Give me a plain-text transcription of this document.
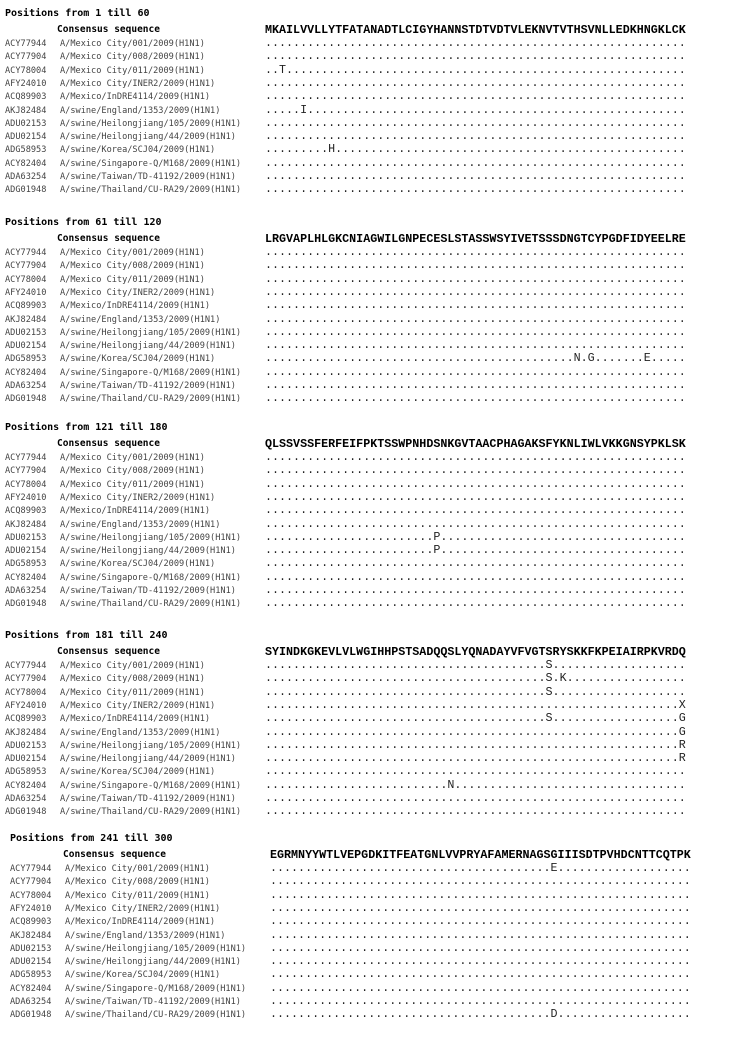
Positions from 1 till 60
Consensus sequence	MKAILVVLLYTFATANADTLCIGYHANNSTDTVDTVLEKNVTVTHSVNLLEDKHNGKLCK
ACY77944 A/Mexico City/001/2009(H1N1)	............................................................
ACY77904 A/Mexico City/008/2009(H1N1)	............................................................
ACY78004 A/Mexico City/011/2009(H1N1)	..T.........................................................
AFY24010 A/Mexico City/INER2/2009(H1N1)	............................................................
ACQ89903 A/Mexico/InDRE4114/2009(H1N1)	............................................................
AKJ82484 A/swine/England/1353/2009(H1N1)	.....I......................................................
ADU02153 A/swine/Heilongjiang/105/2009(H1N1) ............................................................
ADU02154 A/swine/Heilongjiang/44/2009(H1N1) ............................................................
ADG58953 A/swine/Korea/SCJ04/2009(H1N1)	.........H..................................................
ACY82404 A/swine/Singapore-Q/M168/2009(H1N1) ............................................................
ADA63254 A/swine/Taiwan/TD-41192/2009(H1N1) ............................................................
ADG01948 A/swine/Thailand/CU-RA29/2009(H1N1) ............................................................
Positions from 61 till 120
Consensus sequence	LRGVAPLHLGKCNIAGWILGNPECESLSTASSWSYIVETSSSDNGTCYPGDFIDYEELRE
ACY77944 A/Mexico City/001/2009(H1N1)	............................................................
ACY77904 A/Mexico City/008/2009(H1N1)	............................................................
ACY78004 A/Mexico City/011/2009(H1N1)	............................................................
AFY24010 A/Mexico City/INER2/2009(H1N1)	............................................................
ACQ89903 A/Mexico/InDRE4114/2009(H1N1)	............................................................
AKJ82484 A/swine/England/1353/2009(H1N1)	............................................................
ADU02153 A/swine/Heilongjiang/105/2009(H1N1) ............................................................
ADU02154 A/swine/Heilongjiang/44/2009(H1N1) ............................................................
ADG58953 A/swine/Korea/SCJ04/2009(H1N1)	............................................N.G.......E.....
ACY82404 A/swine/Singapore-Q/M168/2009(H1N1) ............................................................
ADA63254 A/swine/Taiwan/TD-41192/2009(H1N1) ............................................................
ADG01948 A/swine/Thailand/CU-RA29/2009(H1N1) ............................................................
Positions from 121 till 180
Consensus sequence	QLSSVSSFERFEIFPKTSSWPNHDSNKGVTAACPHAGAKSFYKNLIWLVKKGNSYPKLSK
ACY77944 A/Mexico City/001/2009(H1N1)	............................................................
ACY77904 A/Mexico City/008/2009(H1N1)	............................................................
ACY78004 A/Mexico City/011/2009(H1N1)	............................................................
AFY24010 A/Mexico City/INER2/2009(H1N1)	............................................................
ACQ89903 A/Mexico/InDRE4114/2009(H1N1)	............................................................
AKJ82484 A/swine/England/1353/2009(H1N1)	............................................................
ADU02153 A/swine/Heilongjiang/105/2009(H1N1) ........................P...................................
ADU02154 A/swine/Heilongjiang/44/2009(H1N1) ........................P...................................
ADG58953 A/swine/Korea/SCJ04/2009(H1N1)	............................................................
ACY82404 A/swine/Singapore-Q/M168/2009(H1N1) ............................................................
ADA63254 A/swine/Taiwan/TD-41192/2009(H1N1) ............................................................
ADG01948 A/swine/Thailand/CU-RA29/2009(H1N1) ............................................................
Positions from 181 till 240
Consensus sequence	SYINDKGKEVLVLWGIHHPSTSADQQSLYQNADAYVFVGTSRYSKKFKPEIAIRPKVRDQ
ACY77944 A/Mexico City/001/2009(H1N1)	........................................S...................
ACY77904 A/Mexico City/008/2009(H1N1)	........................................S.K.................
ACY78004 A/Mexico City/011/2009(H1N1)	........................................S...................
AFY24010 A/Mexico City/INER2/2009(H1N1)	...........................................................X
ACQ89903 A/Mexico/InDRE4114/2009(H1N1)	........................................S..................G
AKJ82484 A/swine/England/1353/2009(H1N1)	...........................................................G
ADU02153 A/swine/Heilongjiang/105/2009(H1N1) ...........................................................R
ADU02154 A/swine/Heilongjiang/44/2009(H1N1) ...........................................................R
ADG58953 A/swine/Korea/SCJ04/2009(H1N1)	............................................................
ACY82404 A/swine/Singapore-Q/M168/2009(H1N1) ..........................N.................................
ADA63254 A/swine/Taiwan/TD-41192/2009(H1N1) ............................................................
ADG01948 A/swine/Thailand/CU-RA29/2009(H1N1) ............................................................
Positions from 241 till 300
Consensus sequence	EGRMNYYWTLVEPGDKITFEATGNLVVPRYAFAMERNAGSGIIISDTPVHDCNTTCQTPK
ACY77944 A/Mexico City/001/2009(H1N1)	........................................E...................
ACY77904 A/Mexico City/008/2009(H1N1)	............................................................
ACY78004 A/Mexico City/011/2009(H1N1)	............................................................
AFY24010 A/Mexico City/INER2/2009(H1N1)	............................................................
ACQ89903 A/Mexico/InDRE4114/2009(H1N1)	............................................................
AKJ82484 A/swine/England/1353/2009(H1N1)	............................................................
ADU02153 A/swine/Heilongjiang/105/2009(H1N1) ............................................................
ADU02154 A/swine/Heilongjiang/44/2009(H1N1) ............................................................
ADG58953 A/swine/Korea/SCJ04/2009(H1N1)	............................................................
ACY82404 A/swine/Singapore-Q/M168/2009(H1N1) ............................................................
ADA63254 A/swine/Taiwan/TD-41192/2009(H1N1) ............................................................
ADG01948 A/swine/Thailand/CU-RA29/2009(H1N1) ........................................D...................
